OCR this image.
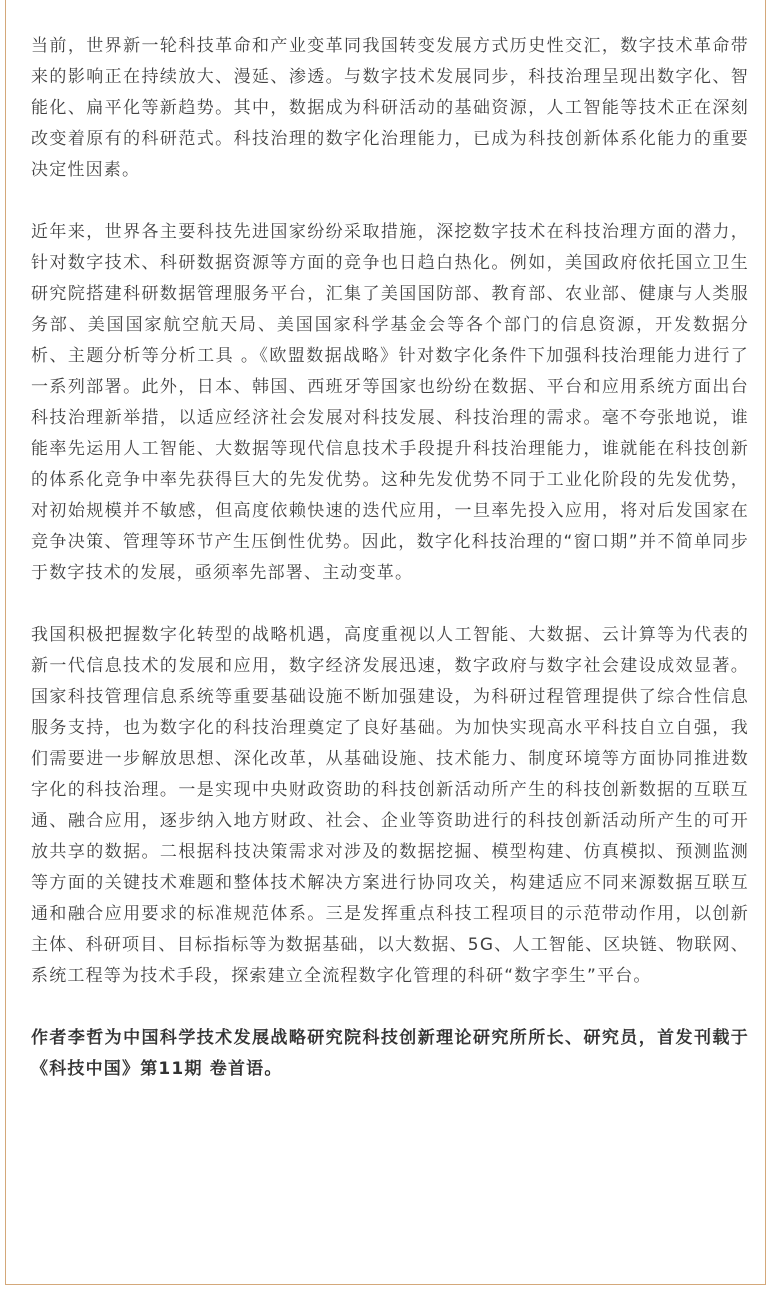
当前，世界新一轮科技革命和产业变革同我国转变发展方式历史性交汇，数字技术革命带来的影响正在持续放大、漫延、渗透。与数字技术发展同步，科技治理呈现出数字化、智能化、扁平化等新趋势。其中，数据成为科研活动的基础资源，人工智能等技术正在深刻改变着原有的科研范式。科技治理的数字化治理能力，已成为科技创新体系化能力的重要决定性因素。

近年来，世界各主要科技先进国家纷纷采取措施，深挖数字技术在科技治理方面的潜力，针对数字技术、科研数据资源等方面的竞争也日趋白热化。例如，美国政府依托国立卫生研究院搭建科研数据管理服务平台，汇集了美国国防部、教育部、农业部、健康与人类服务部、美国国家航空航天局、美国国家科学基金会等各个部门的信息资源，开发数据分析、主题分析等分析工具 。《欧盟数据战略》针对数字化条件下加强科技治理能力进行了一系列部署。此外，日本、韩国、西班牙等国家也纷纷在数据、平台和应用系统方面出台科技治理新举措，以适应经济社会发展对科技发展、科技治理的需求。毫不夸张地说，谁能率先运用人工智能、大数据等现代信息技术手段提升科技治理能力，谁就能在科技创新的体系化竞争中率先获得巨大的先发优势。这种先发优势不同于工业化阶段的先发优势，对初始规模并不敏感，但高度依赖快速的迭代应用，一旦率先投入应用，将对后发国家在竞争决策、管理等环节产生压倒性优势。因此，数字化科技治理的“窗口期”并不简单同步于数字技术的发展，亟须率先部署、主动变革。

我国积极把握数字化转型的战略机遇，高度重视以人工智能、大数据、云计算等为代表的新一代信息技术的发展和应用，数字经济发展迅速，数字政府与数字社会建设成效显著。国家科技管理信息系统等重要基础设施不断加强建设，为科研过程管理提供了综合性信息服务支持，也为数字化的科技治理奠定了良好基础。为加快实现高水平科技自立自强，我们需要进一步解放思想、深化改革，从基础设施、技术能力、制度环境等方面协同推进数字化的科技治理。一是实现中央财政资助的科技创新活动所产生的科技创新数据的互联互通、融合应用，逐步纳入地方财政、社会、企业等资助进行的科技创新活动所产生的可开放共享的数据。二根据科技决策需求对涉及的数据挖掘、模型构建、仿真模拟、预测监测等方面的关键技术难题和整体技术解决方案进行协同攻关，构建适应不同来源数据互联互通和融合应用要求的标准规范体系。三是发挥重点科技工程项目的示范带动作用，以创新主体、科研项目、目标指标等为数据基础，以大数据、5G、人工智能、区块链、物联网、系统工程等为技术手段，探索建立全流程数字化管理的科研“数字孪生”平台。

作者李哲为中国科学技术发展战略研究院科技创新理论研究所所长、研究员，首发刊载于《科技中国》第11期 卷首语。
